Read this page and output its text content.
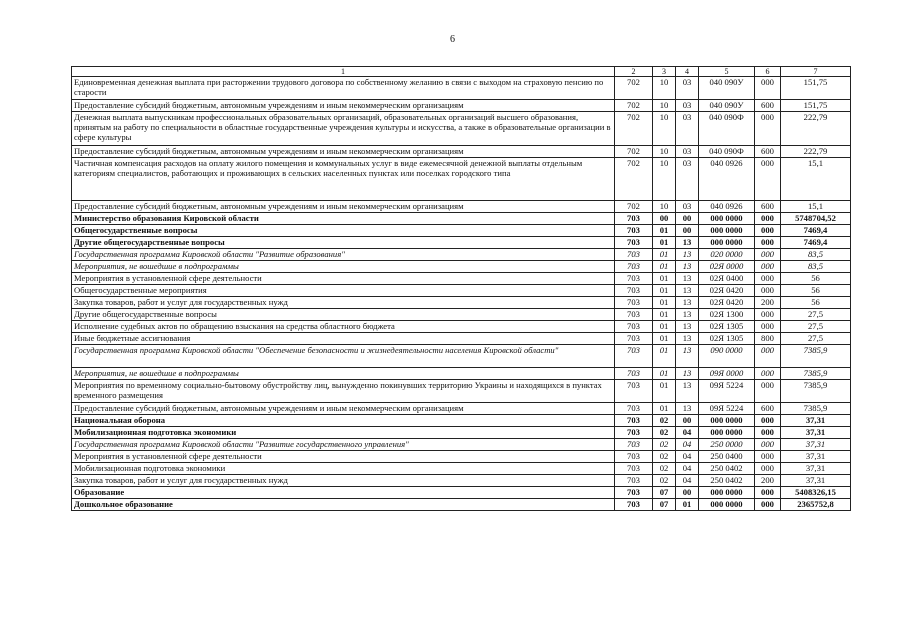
6
1	2	3	4	5	6	7
Единовременная денежная выплата при расторжении трудового договора по собственному желанию в связи с выходом на страховую пенсию по старости	702	10	03	040 090У	000	151,75
Предоставление субсидий бюджетным, автономным учреждениям и иным некоммерческим организациям	702	10	03	040 090У	600	151,75
Денежная выплата выпускникам профессиональных образовательных организаций, образовательных организаций высшего образования, принятым на работу по специальности в областные государственные учреждения культуры и искусства, а также в образовательные организации в сфере культуры	702	10	03	040 090Ф	000	222,79
Предоставление субсидий бюджетным, автономным учреждениям и иным некоммерческим организациям	702	10	03	040 090Ф	600	222,79
Частичная компенсация расходов на оплату жилого помещения и коммунальных услуг в виде ежемесячной денежной выплаты отдельным категориям специалистов, работающих и проживающих в сельских населенных пунктах или поселках городского типа	702	10	03	040 0926	000	15,1
Предоставление субсидий бюджетным, автономным учреждениям и иным некоммерческим организациям	702	10	03	040 0926	600	15,1
Министерство образования Кировской области	703	00	00	000 0000	000	5748704,52
Общегосударственные вопросы	703	01	00	000 0000	000	7469,4
Другие общегосударственные вопросы	703	01	13	000 0000	000	7469,4
Государственная программа Кировской области "Развитие образования"	703	01	13	020 0000	000	83,5
Мероприятия, не вошедшие в подпрограммы	703	01	13	02Я 0000	000	83,5
Мероприятия в установленной сфере деятельности	703	01	13	02Я 0400	000	56
Общегосударственные мероприятия	703	01	13	02Я 0420	000	56
Закупка товаров, работ и услуг для государственных нужд	703	01	13	02Я 0420	200	56
Другие общегосударственные вопросы	703	01	13	02Я 1300	000	27,5
Исполнение судебных актов по обращению взыскания на средства областного бюджета	703	01	13	02Я 1305	000	27,5
Иные бюджетные ассигнования	703	01	13	02Я 1305	800	27,5
Государственная программа Кировской области "Обеспечение безопасности и жизнедеятельности населения Кировской области"	703	01	13	090 0000	000	7385,9
Мероприятия, не вошедшие в подпрограммы	703	01	13	09Я 0000	000	7385,9
Мероприятия по временному социально-бытовому обустройству лиц, вынужденно покинувших территорию Украины и находящихся в пунктах временного размещения	703	01	13	09Я 5224	000	7385,9
Предоставление субсидий бюджетным, автономным учреждениям и иным некоммерческим организациям	703	01	13	09Я 5224	600	7385,9
Национальная оборона	703	02	00	000 0000	000	37,31
Мобилизационная подготовка экономики	703	02	04	000 0000	000	37,31
Государственная программа Кировской области "Развитие государственного управления"	703	02	04	250 0000	000	37,31
Мероприятия в установленной сфере деятельности	703	02	04	250 0400	000	37,31
Мобилизационная подготовка экономики	703	02	04	250 0402	000	37,31
Закупка товаров, работ и услуг для государственных нужд	703	02	04	250 0402	200	37,31
Образование	703	07	00	000 0000	000	5408326,15
Дошкольное образование	703	07	01	000 0000	000	2365752,8
